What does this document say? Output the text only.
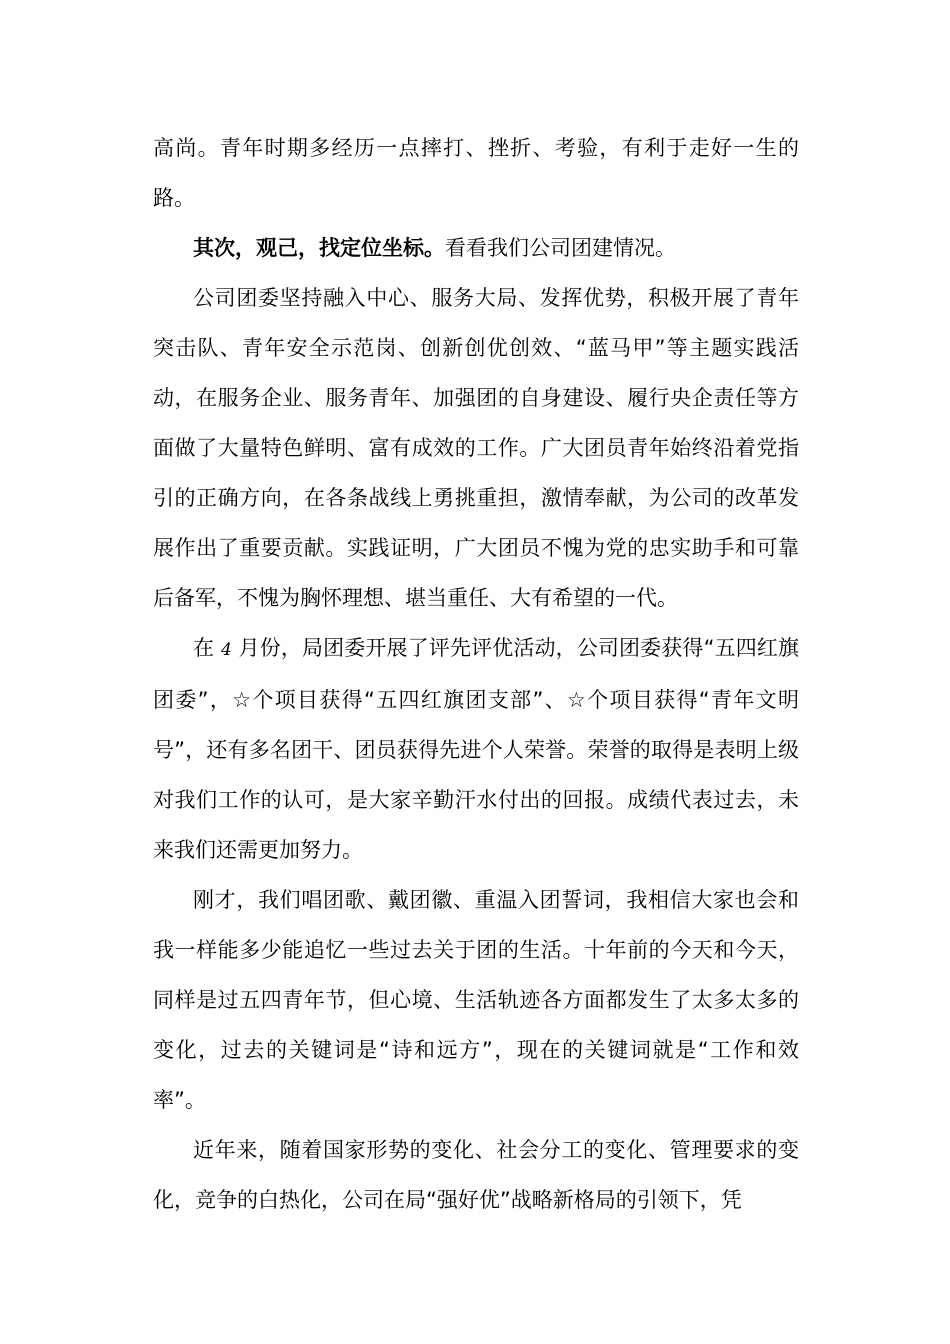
高尚。青年时期多经历一点摔打、挫折、考验，有利于走好一生的路。

其次，观己，找定位坐标。看看我们公司团建情况。

公司团委坚持融入中心、服务大局、发挥优势，积极开展了青年突击队、青年安全示范岗、创新创优创效、“蓝马甲”等主题实践活动，在服务企业、服务青年、加强团的自身建设、履行央企责任等方面做了大量特色鲜明、富有成效的工作。广大团员青年始终沿着党指引的正确方向，在各条战线上勇挑重担，激情奉献，为公司的改革发展作出了重要贡献。实践证明，广大团员不愧为党的忠实助手和可靠后备军，不愧为胸怀理想、堪当重任、大有希望的一代。

在 4 月份，局团委开展了评先评优活动，公司团委获得“五四红旗团委”，☆个项目获得“五四红旗团支部”、☆个项目获得“青年文明号”，还有多名团干、团员获得先进个人荣誉。荣誉的取得是表明上级对我们工作的认可，是大家辛勤汗水付出的回报。成绩代表过去，未来我们还需更加努力。

刚才，我们唱团歌、戴团徽、重温入团誓词，我相信大家也会和我一样能多少能追忆一些过去关于团的生活。十年前的今天和今天，同样是过五四青年节，但心境、生活轨迹各方面都发生了太多太多的变化，过去的关键词是“诗和远方”，现在的关键词就是“工作和效率”。

近年来，随着国家形势的变化、社会分工的变化、管理要求的变化，竞争的白热化，公司在局“强好优”战略新格局的引领下，凭
